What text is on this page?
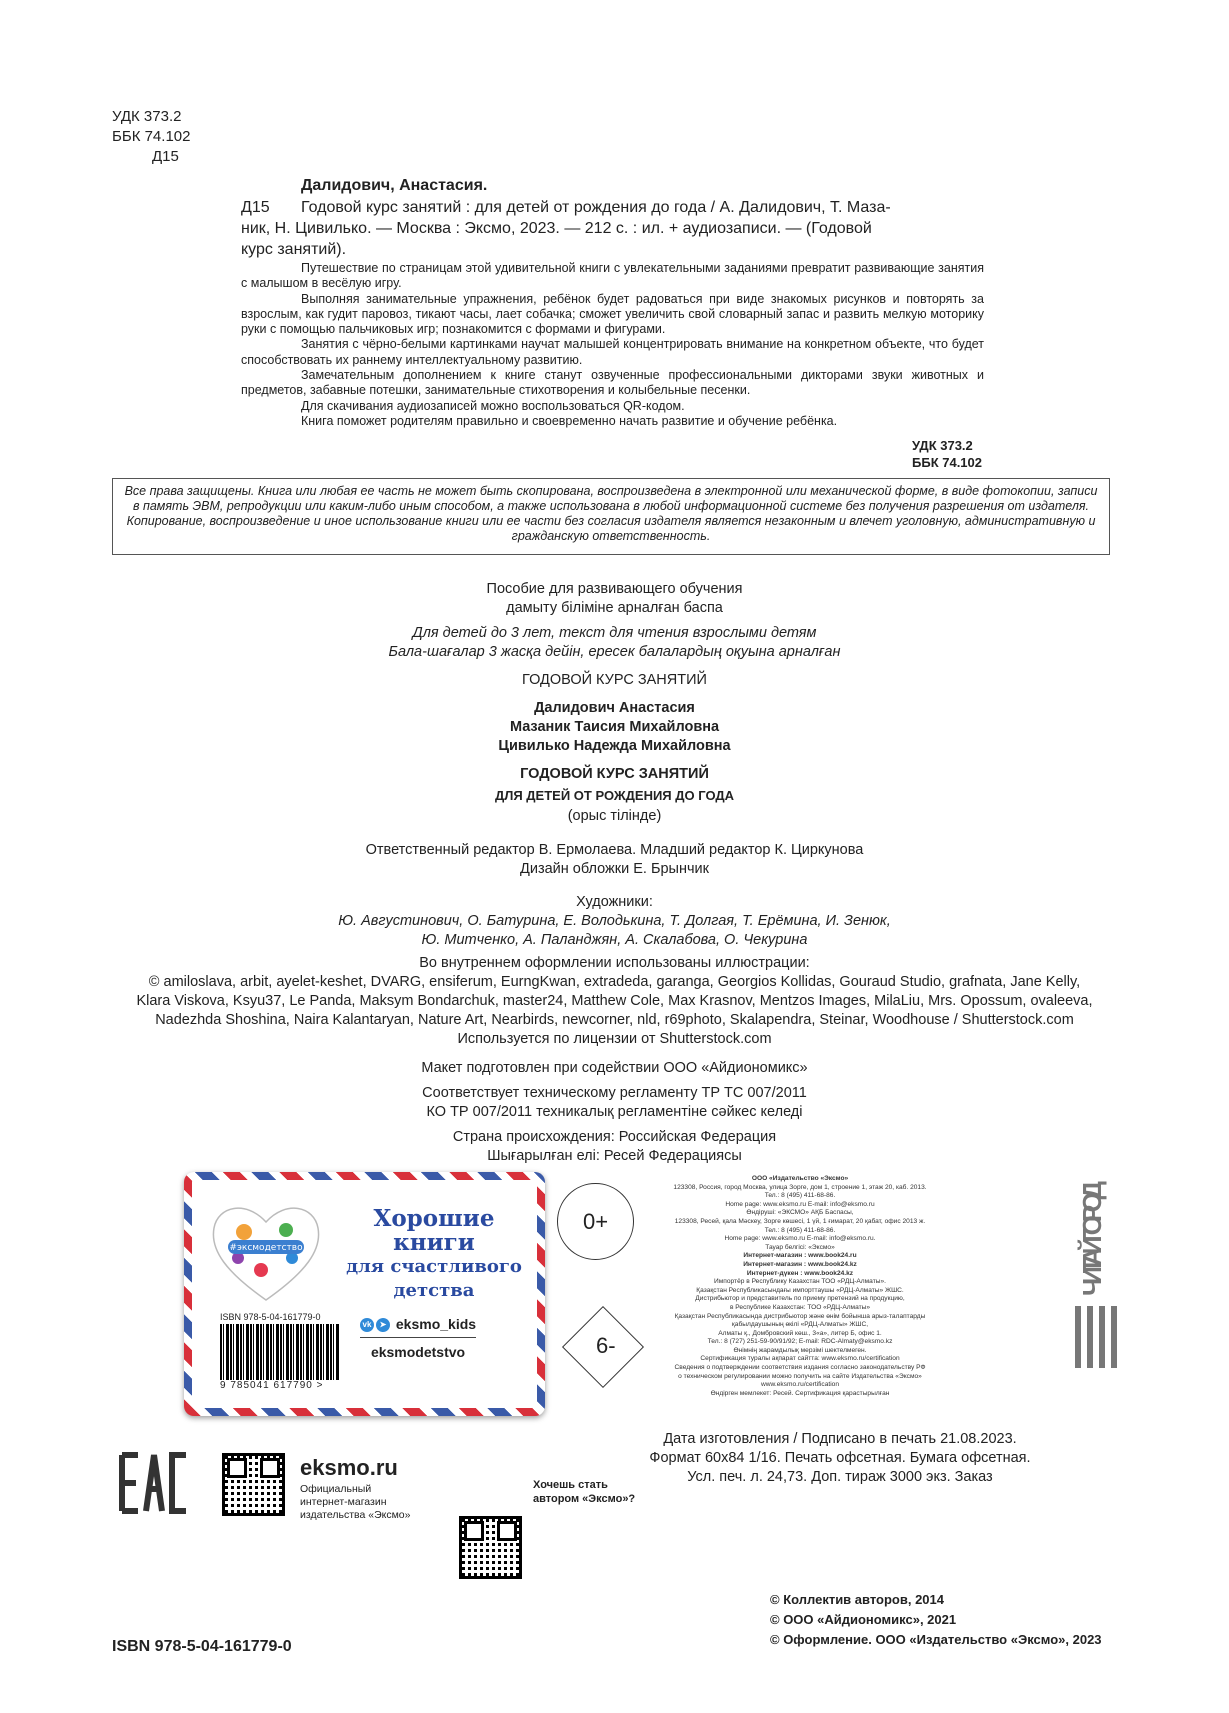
УДК 373.2
ББК 74.102
Д15
Далидович, Анастасия.
Д15 Годовой курс занятий : для детей от рождения до года / А. Далидович, Т. Маза-
ник, Н. Цивилько. — Москва : Эксмо, 2023. — 212 с. : ил. + аудиозаписи. — (Годовой
курс занятий).

Путешествие по страницам этой удивительной книги с увлекательными заданиями превратит развивающие занятия с малышом в весёлую игру.

Выполняя занимательные упражнения, ребёнок будет радоваться при виде знакомых рисунков и повторять за взрослым, как гудит паровоз, тикают часы, лает собачка; сможет увеличить свой словарный запас и развить мелкую моторику руки с помощью пальчиковых игр; познакомится с формами и фигурами.

Занятия с чёрно-белыми картинками научат малышей концентрировать внимание на конкретном объекте, что будет способствовать их раннему интеллектуальному развитию.

Замечательным дополнением к книге станут озвученные профессиональными дикторами звуки животных и предметов, забавные потешки, занимательные стихотворения и колыбельные песенки.

Для скачивания аудиозаписей можно воспользоваться QR-кодом.

Книга поможет родителям правильно и своевременно начать развитие и обучение ребёнка.

УДК 373.2
ББК 74.102
Все права защищены. Книга или любая ее часть не может быть скопирована, воспроизведена в электронной или механической форме, в виде фотокопии, записи в память ЭВМ, репродукции или каким-либо иным способом, а также использована в любой информационной системе без получения разрешения от издателя. Копирование, воспроизведение и иное использование книги или ее части без согласия издателя является незаконным и влечет уголовную, административную и гражданскую ответственность.
Пособие для развивающего обучения
дамыту біліміне арналған баспа
Для детей до 3 лет, текст для чтения взрослыми детям
Бала-шағалар 3 жасқа дейін, ересек балалардың оқуына арналған
ГОДОВОЙ КУРС ЗАНЯТИЙ
Далидович Анастасия
Мазаник Таисия Михайловна
Цивилько Надежда Михайловна
ГОДОВОЙ КУРС ЗАНЯТИЙ
ДЛЯ ДЕТЕЙ ОТ РОЖДЕНИЯ ДО ГОДА
(орыс тілінде)
Ответственный редактор В. Ермолаева. Младший редактор К. Циркунова
Дизайн обложки Е. Брынчик
Художники:
Ю. Августинович, О. Батурина, Е. Володькина, Т. Долгая, Т. Ерёмина, И. Зенюк,
Ю. Митченко, А. Паланджян, А. Скалабова, О. Чекурина
Во внутреннем оформлении использованы иллюстрации:
© amiloslava, arbit, ayelet-keshet, DVARG, ensiferum, EurngKwan, extradeda, garanga, Georgios Kollidas, Gouraud Studio, grafnata, Jane Kelly,
Klara Viskova, Ksyu37, Le Panda, Maksym Bondarchuk, master24, Matthew Cole, Max Krasnov, Mentzos Images, MilaLiu, Mrs. Opossum, ovaleeva,
Nadezhda Shoshina, Naira Kalantaryan, Nature Art, Nearbirds, newcorner, nld, r69photo, Skalapendra, Steinar, Woodhouse / Shutterstock.com
Используется по лицензии от Shutterstock.com
Макет подготовлен при содействии ООО «Айдиономикс»
Соответствует техническому регламенту ТР ТС 007/2011
КО ТР 007/2011 техникалық регламентіне сәйкес келеді
Страна происхождения: Российская Федерация
Шығарылған елі: Ресей Федерациясы
#эксмодетство
Хорошие
книги
для счастливого
детства
ISBN 978-5-04-161779-0
9 785041 617790 >
vk ➤ eksmo_kids
eksmodetstvo
0+
6-
ООО «Издательство «Эксмо»
123308, Россия, город Москва, улица Зорге, дом 1, строение 1, этаж 20, каб. 2013.
Тел.: 8 (495) 411-68-86.
Home page: www.eksmo.ru E-mail: info@eksmo.ru
Өндіруші: «ЭКСМО» АҚБ Баспасы,
123308, Ресей, қала Мәскеу, Зорге көшесі, 1 үй, 1 ғимарат, 20 қабат, офис 2013 ж.
Тел.: 8 (495) 411-68-86.
Home page: www.eksmo.ru E-mail: info@eksmo.ru.
Тауар белгісі: «Эксмо»
Интернет-магазин : www.book24.ru
Интернет-магазин : www.book24.kz
Интернет-дүкен : www.book24.kz
Импортёр в Республику Казахстан ТОО «РДЦ-Алматы».
Қазақстан Республикасындағы импорттаушы «РДЦ-Алматы» ЖШС.
Дистрибьютор и представитель по приему претензий на продукцию,
в Республике Казахстан: ТОО «РДЦ-Алматы»
Қазақстан Республикасында дистрибьютор және өнім бойынша арыз-талаптарды
қабылдаушының өкілі «РДЦ-Алматы» ЖШС,
Алматы қ., Домбровский көш., 3«а», литер Б, офис 1.
Тел.: 8 (727) 251-59-90/91/92; E-mail: RDC-Almaty@eksmo.kz
Өнімнің жарамдылық мерзімі шектелмеген.
Сертификация туралы ақпарат сайтта: www.eksmo.ru/certification
Сведения о подтверждении соответствия издания согласно законодательству РФ
о техническом регулировании можно получить на сайте Издательства «Эксмо»
www.eksmo.ru/certification
Өндірген мемлекет: Ресей. Сертификация қарастырылған
ЧИТАЙ ГОРОД
Дата изготовления / Подписано в печать 21.08.2023.
Формат 60x84 1/16. Печать офсетная. Бумага офсетная.
Усл. печ. л. 24,73. Доп. тираж 3000 экз. Заказ
EAC
eksmo.ru
Официальный
интернет-магазин
издательства «Эксмо»
Хочешь стать
автором «Эксмо»?
ISBN 978-5-04-161779-0
© Коллектив авторов, 2014
© ООО «Айдиономикс», 2021
© Оформление. ООО «Издательство «Эксмо», 2023
